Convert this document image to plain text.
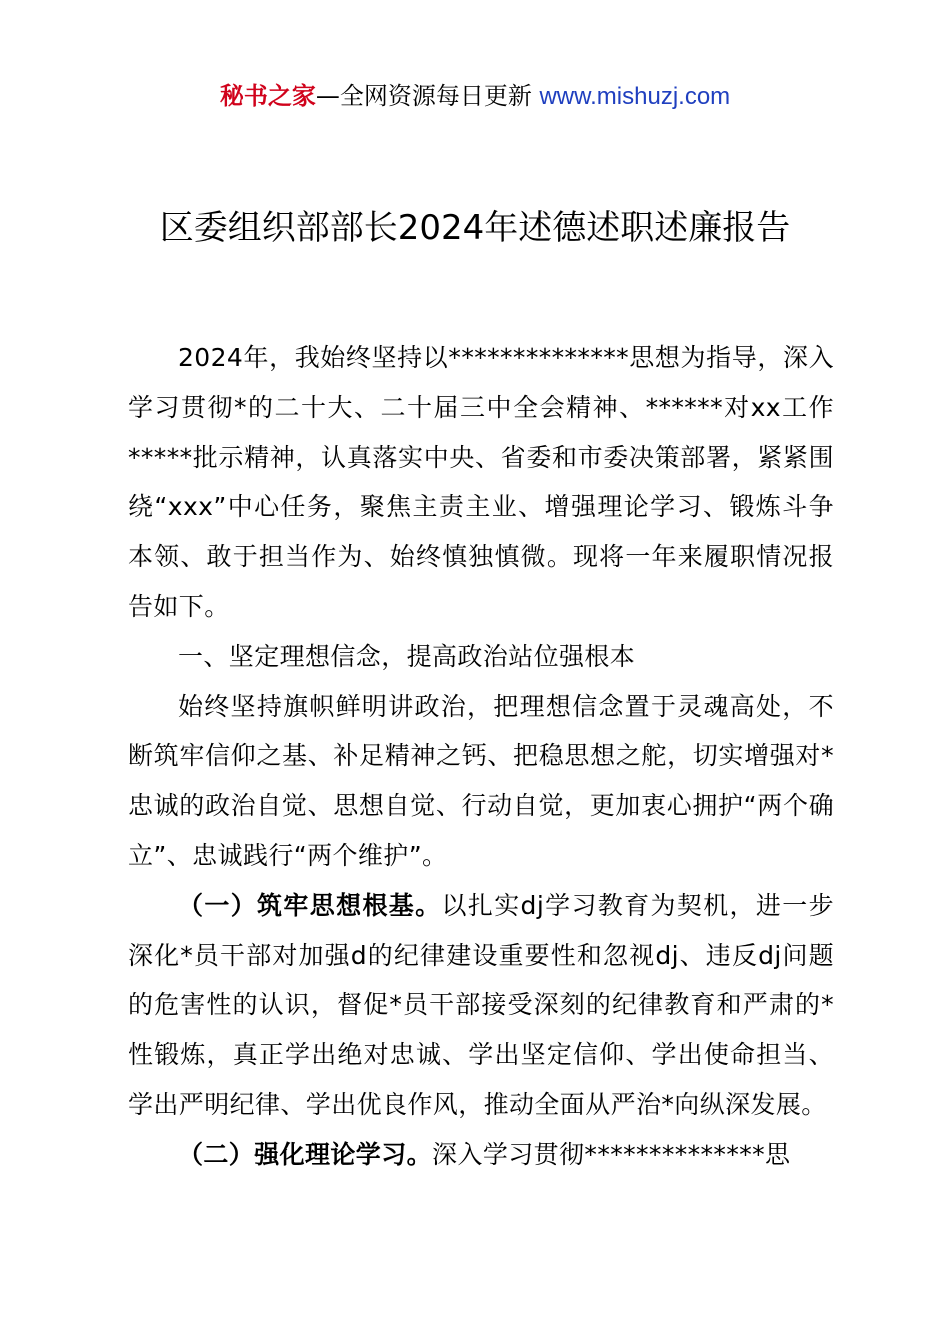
秘书之家—全网资源每日更新 www.mishuzj.com
区委组织部部长2024年述德述职述廉报告

2024年，我始终坚持以**************思想为指导，深入学习贯彻*的二十大、二十届三中全会精神、******对xx工作*****批示精神，认真落实中央、省委和市委决策部署，紧紧围绕“xxx”中心任务，聚焦主责主业、增强理论学习、锻炼斗争本领、敢于担当作为、始终慎独慎微。现将一年来履职情况报告如下。

一、坚定理想信念，提高政治站位强根本

始终坚持旗帜鲜明讲政治，把理想信念置于灵魂高处，不断筑牢信仰之基、补足精神之钙、把稳思想之舵，切实增强对*忠诚的政治自觉、思想自觉、行动自觉，更加衷心拥护“两个确立”、忠诚践行“两个维护”。

（一）筑牢思想根基。以扎实dj学习教育为契机，进一步深化*员干部对加强d的纪律建设重要性和忽视dj、违反dj问题的危害性的认识，督促*员干部接受深刻的纪律教育和严肃的*性锻炼，真正学出绝对忠诚、学出坚定信仰、学出使命担当、学出严明纪律、学出优良作风，推动全面从严治*向纵深发展。

（二）强化理论学习。深入学习贯彻**************思
